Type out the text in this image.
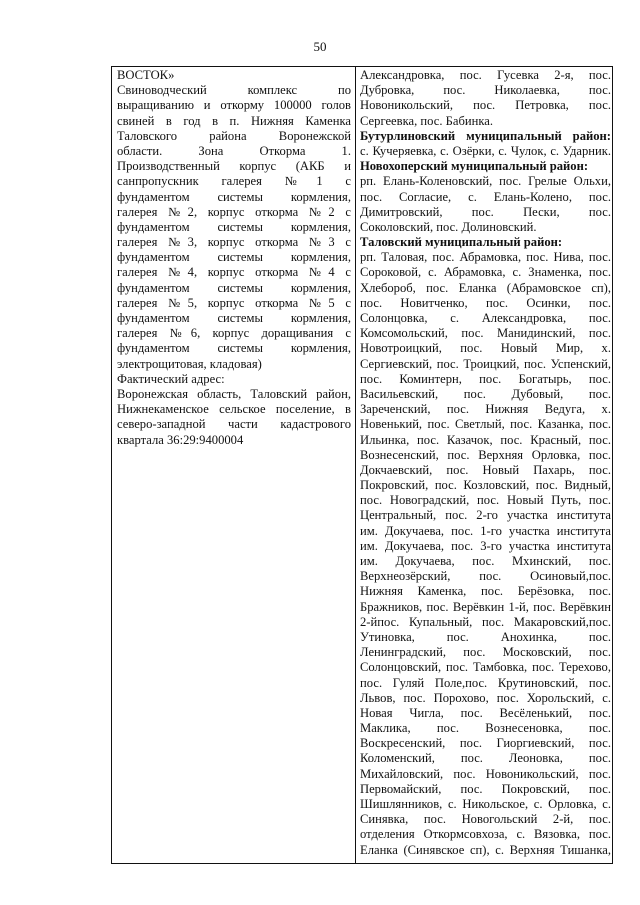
50
ВОСТОК»
Свиноводческий комплекс по
выращиванию и откорму 100000 голов
свиней в год в п. Нижняя Каменка
Таловского района Воронежской
области. Зона Откорма 1.
Производственный корпус (АКБ и
санпропускник галерея №1 с
фундаментом системы кормления,
галерея №2, корпус откорма №2 с
фундаментом системы кормления,
галерея №3, корпус откорма №3 с
фундаментом системы кормления,
галерея №4, корпус откорма №4 с
фундаментом системы кормления,
галерея №5, корпус откорма №5 с
фундаментом системы кормления,
галерея №6, корпус доращивания с
фундаментом системы кормления,
электрощитовая, кладовая)
Фактический адрес:
Воронежская область, Таловский район,
Нижнекаменское сельское поселение, в
северо-западной части кадастрового
квартала 36:29:9400004
Александровка, пос. Гусевка 2-я, пос.
Дубровка, пос. Николаевка, пос.
Новоникольский, пос. Петровка, пос.
Сергеевка, пос. Бабинка.
Бутурлиновский муниципальный район:
с. Кучеряевка, с. Озёрки, с. Чулок, с. Ударник.
Новохоперский муниципальный район:
рп. Елань-Коленовский, пос. Грелые Ольхи,
пос. Согласие, с. Елань-Колено, пос.
Димитровский, пос. Пески, пос.
Соколовский, пос. Долиновский.
Таловский муниципальный район:
рп. Таловая, пос. Абрамовка, пос. Нива, пос.
Сороковой, с. Абрамовка, с. Знаменка, пос.
Хлебороб, пос. Еланка (Абрамовское сп),
пос. Новитченко, пос. Осинки, пос.
Солонцовка, с. Александровка, пос.
Комсомольский, пос. Манидинский, пос.
Новотроицкий, пос. Новый Мир, х.
Сергиевский, пос. Троицкий, пос. Успенский,
пос. Коминтерн, пос. Богатырь, пос.
Васильевский, пос. Дубовый, пос.
Зареченский, пос. Нижняя Ведуга, х.
Новенький, пос. Светлый, пос. Казанка, пос.
Ильинка, пос. Казачок, пос. Красный, пос.
Вознесенский, пос. Верхняя Орловка, пос.
Докчаевский, пос. Новый Пахарь, пос.
Покровский, пос. Козловский, пос. Видный,
пос. Новоградский, пос. Новый Путь, пос.
Центральный, пос. 2-го участка института
им. Докучаева, пос. 1-го участка института
им. Докучаева, пос. 3-го участка института
им. Докучаева, пос. Мхинский, пос.
Верхнеозёрский, пос. Осиновый,пос.
Нижняя Каменка, пос. Берёзовка, пос.
Бражников, пос. Верёвкин 1-й, пос. Верёвкин
2-йпос. Купальный, пос. Макаровский,пос.
Утиновка, пос. Анохинка, пос.
Ленинградский, пос. Московский, пос.
Солонцовский, пос. Тамбовка, пос. Терехово,
пос. Гуляй Поле,пос. Крутиновский, пос.
Львов, пос. Порохово, пос. Хорольский, с.
Новая Чигла, пос. Весёленький, пос.
Маклика, пос. Вознесеновка, пос.
Воскресенский, пос. Гиоргиевский, пос.
Коломенский, пос. Леоновка, пос.
Михайловский, пос. Новоникольский, пос.
Первомайский, пос. Покровский, пос.
Шишлянников, с. Никольское, с. Орловка, с.
Синявка, пос. Новогольский 2-й, пос.
отделения Откормсовхоза, с. Вязовка, пос.
Еланка (Синявское сп), с. Верхняя Тишанка,
